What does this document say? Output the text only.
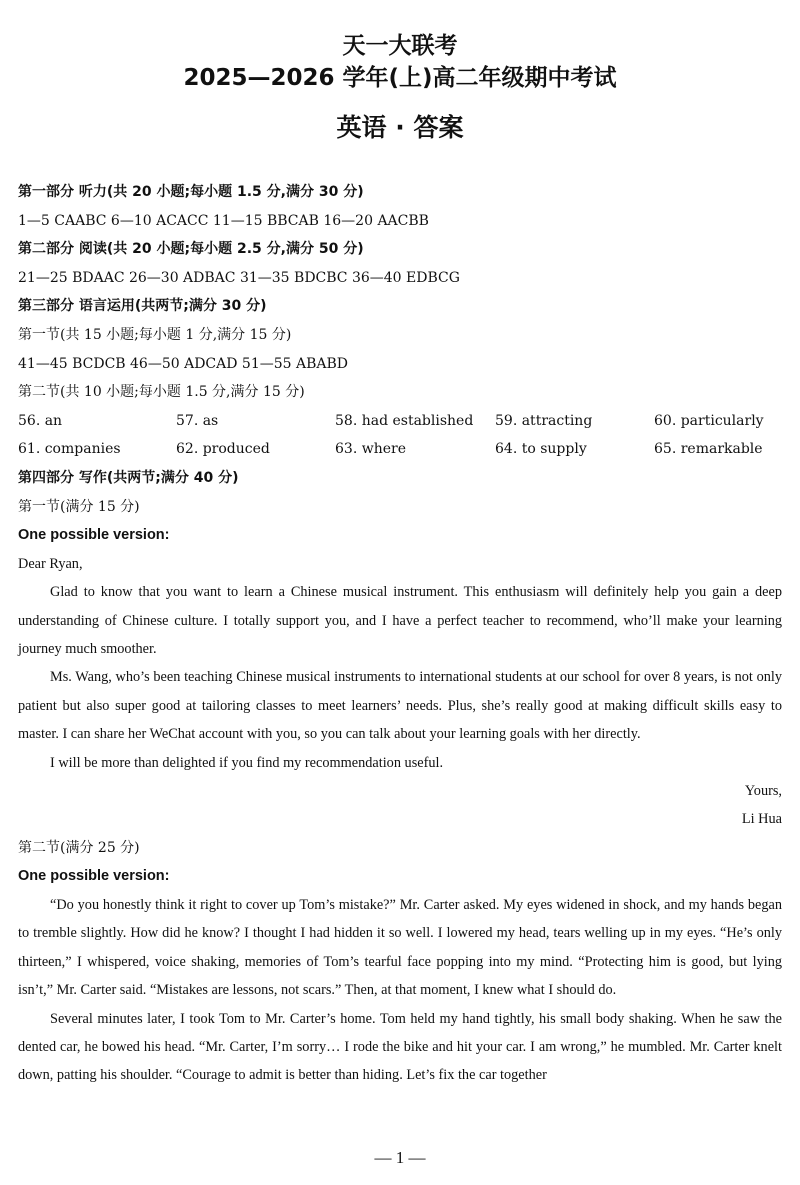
天一大联考
2025—2026 学年(上)高二年级期中考试
英语 · 答案
第一部分 听力(共 20 小题;每小题 1.5 分,满分 30 分)
1—5 CAABC 6—10 ACACC 11—15 BBCAB 16—20 AACBB
第二部分 阅读(共 20 小题;每小题 2.5 分,满分 50 分)
21—25 BDAAC 26—30 ADBAC 31—35 BDCBC 36—40 EDBCG
第三部分 语言运用(共两节;满分 30 分)
第一节(共 15 小题;每小题 1 分,满分 15 分)
41—45 BCDCB 46—50 ADCAD 51—55 ABABD
第二节(共 10 小题;每小题 1.5 分,满分 15 分)
56. an	57. as	58. had established	59. attracting	60. particularly
61. companies	62. produced	63. where	64. to supply	65. remarkable
第四部分 写作(共两节;满分 40 分)
第一节(满分 15 分)
One possible version:

Dear Ryan,

Glad to know that you want to learn a Chinese musical instrument. This enthusiasm will definitely help you gain a deep understanding of Chinese culture. I totally support you, and I have a perfect teacher to recommend, who’ll make your learning journey much smoother.

Ms. Wang, who’s been teaching Chinese musical instruments to international students at our school for over 8 years, is not only patient but also super good at tailoring classes to meet learners’ needs. Plus, she’s really good at making difficult skills easy to master. I can share her WeChat account with you, so you can talk about your learning goals with her directly.

I will be more than delighted if you find my recommendation useful.

Yours,

Li Hua

第二节(满分 25 分)
One possible version:

“Do you honestly think it right to cover up Tom’s mistake?” Mr. Carter asked. My eyes widened in shock, and my hands began to tremble slightly. How did he know? I thought I had hidden it so well. I lowered my head, tears welling up in my eyes. “He’s only thirteen,” I whispered, voice shaking, memories of Tom’s tearful face popping into my mind. “Protecting him is good, but lying isn’t,” Mr. Carter said. “Mistakes are lessons, not scars.” Then, at that moment, I knew what I should do.

Several minutes later, I took Tom to Mr. Carter’s home. Tom held my hand tightly, his small body shaking. When he saw the dented car, he bowed his head. “Mr. Carter, I’m sorry… I rode the bike and hit your car. I am wrong,” he mumbled. Mr. Carter knelt down, patting his shoulder. “Courage to admit is better than hiding. Let’s fix the car together

— 1 —
